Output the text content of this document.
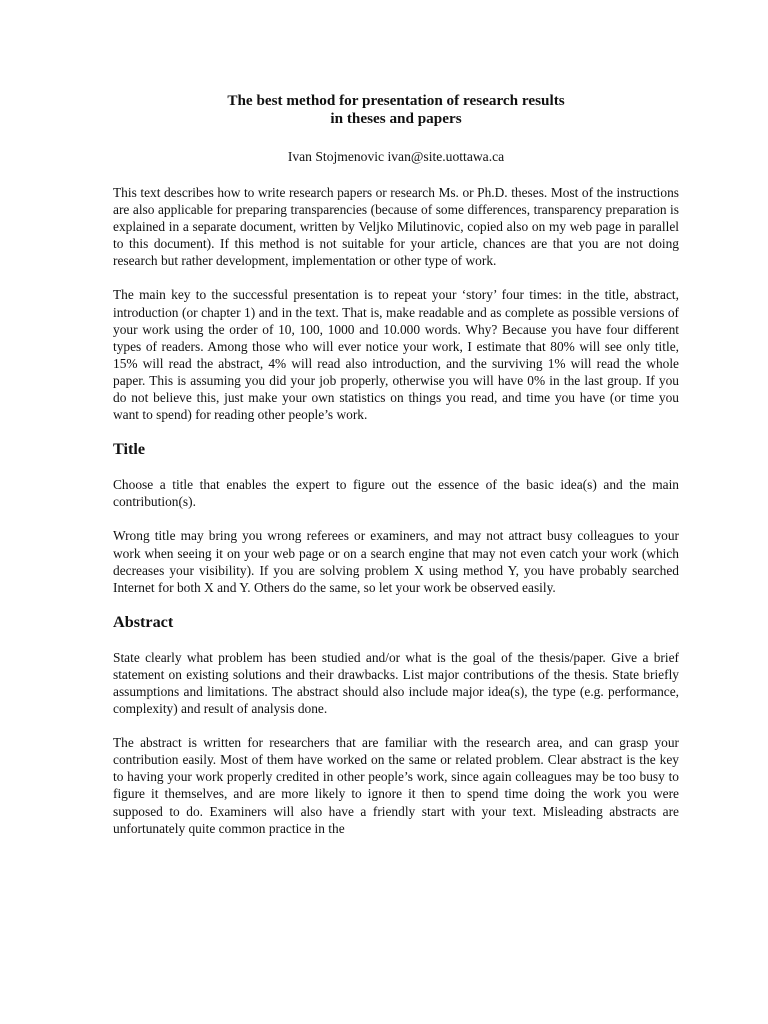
The best method for presentation of research results
in theses and papers
Ivan Stojmenovic ivan@site.uottawa.ca

This text describes how to write research papers or research Ms. or Ph.D. theses. Most of the instructions are also applicable for preparing transparencies (because of some differences, transparency preparation is explained in a separate document, written by Veljko Milutinovic, copied also on my web page in parallel to this document). If this method is not suitable for your article, chances are that you are not doing research but rather development, implementation or other type of work.

The main key to the successful presentation is to repeat your ‘story’ four times: in the title, abstract, introduction (or chapter 1) and in the text. That is, make readable and as complete as possible versions of your work using the order of 10, 100, 1000 and 10.000 words. Why? Because you have four different types of readers. Among those who will ever notice your work, I estimate that 80% will see only title, 15% will read the abstract, 4% will read also introduction, and the surviving 1% will read the whole paper. This is assuming you did your job properly, otherwise you will have 0% in the last group. If you do not believe this, just make your own statistics on things you read, and time you have (or time you want to spend) for reading other people’s work.

Title

Choose a title that enables the expert to figure out the essence of the basic idea(s) and the main contribution(s).

Wrong title may bring you wrong referees or examiners, and may not attract busy colleagues to your work when seeing it on your web page or on a search engine that may not even catch your work (which decreases your visibility). If you are solving problem X using method Y, you have probably searched Internet for both X and Y. Others do the same, so let your work be observed easily.

Abstract

State clearly what problem has been studied and/or what is the goal of the thesis/paper. Give a brief statement on existing solutions and their drawbacks. List major contributions of the thesis. State briefly assumptions and limitations. The abstract should also include major idea(s), the type (e.g. performance, complexity) and result of analysis done.

The abstract is written for researchers that are familiar with the research area, and can grasp your contribution easily. Most of them have worked on the same or related problem. Clear abstract is the key to having your work properly credited in other people’s work, since again colleagues may be too busy to figure it themselves, and are more likely to ignore it then to spend time doing the work you were supposed to do. Examiners will also have a friendly start with your text. Misleading abstracts are unfortunately quite common practice in the
